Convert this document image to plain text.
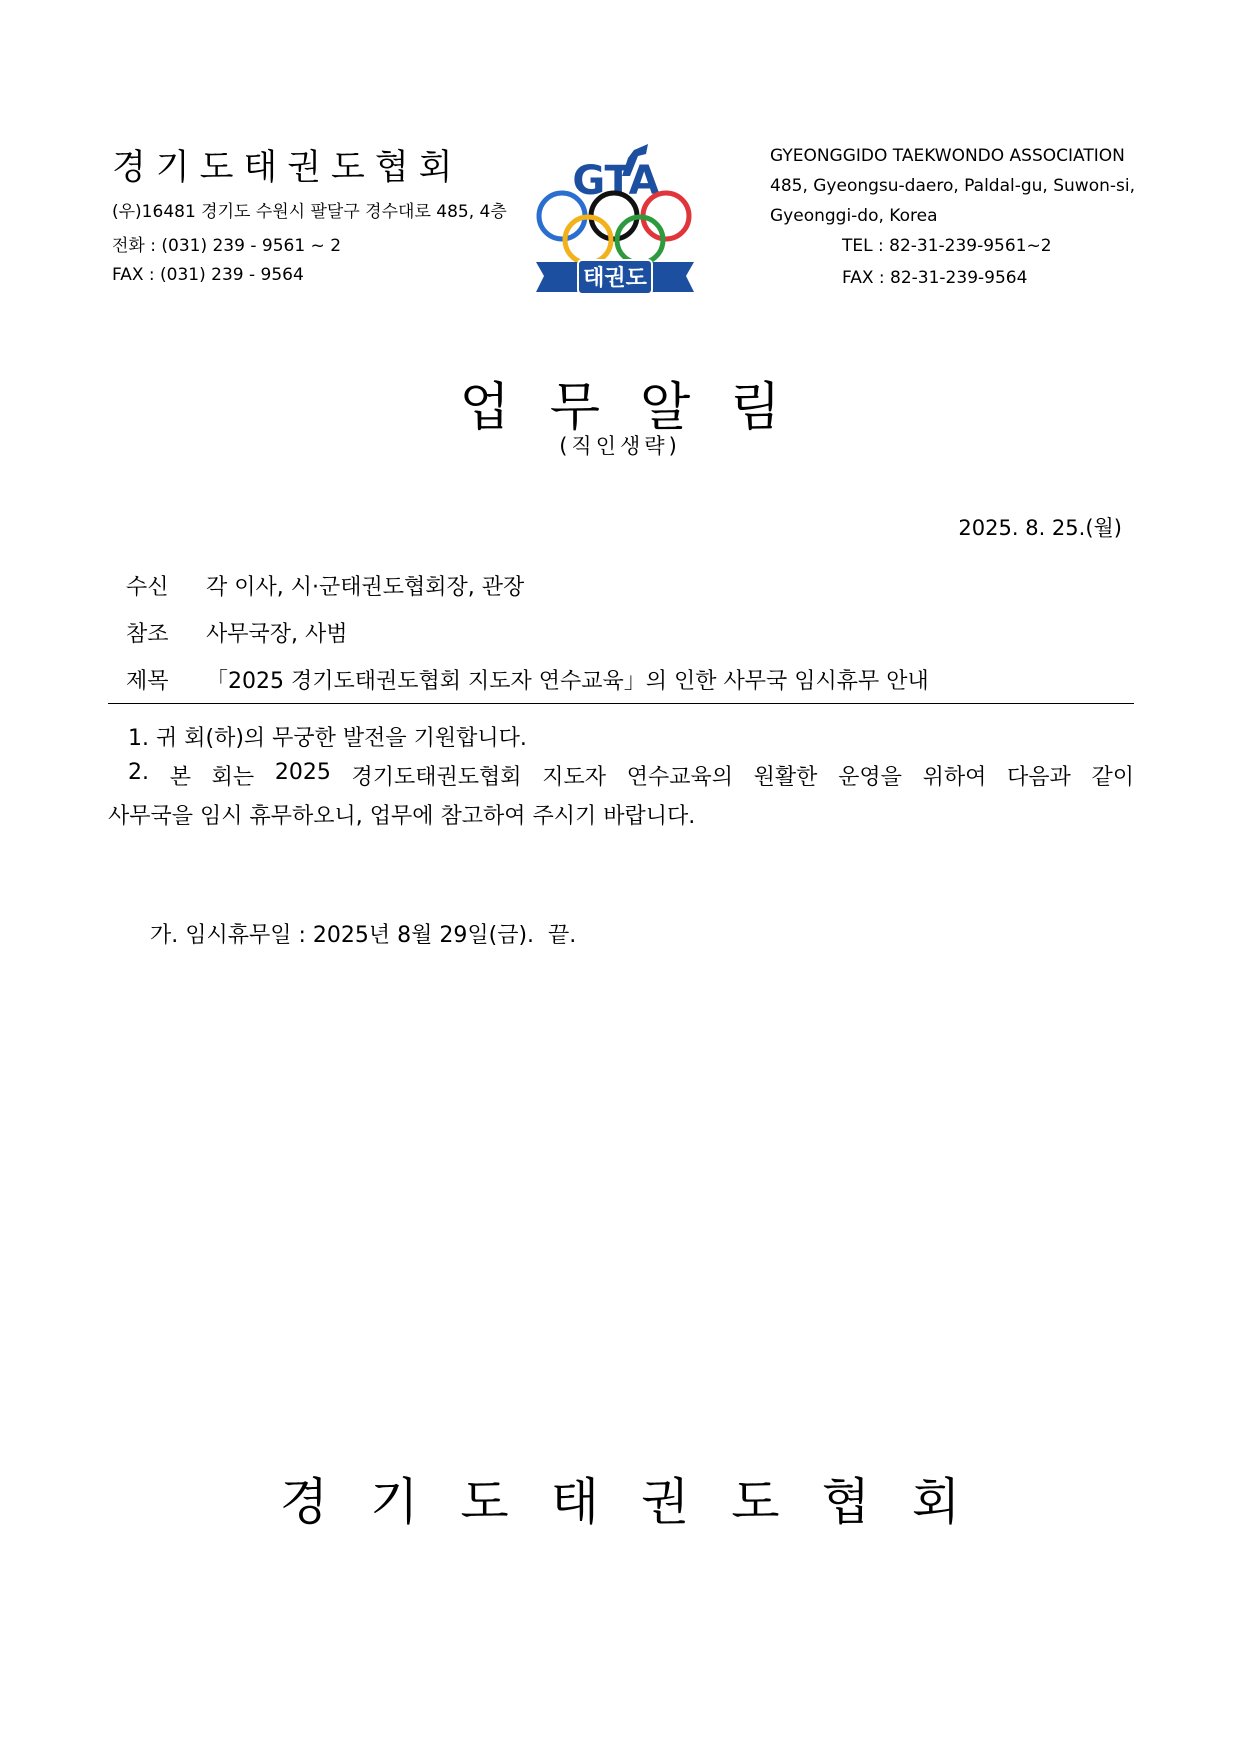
경기도태권도협회
(우)16481 경기도 수원시 팔달구 경수대로 485, 4층
전화 : (031) 239 - 9561 ~ 2
FAX : (031) 239 - 9564
GTA
태권도
GYEONGGIDO TAEKWONDO ASSOCIATION
485, Gyeongsu-daero, Paldal-gu, Suwon-si,
Gyeonggi-do, Korea
TEL : 82-31-239-9561~2
FAX : 82-31-239-9564
업무알림
(직인생략)
2025. 8. 25.(월)
수신 각 이사, 시·군태권도협회장, 관장
참조 사무국장, 사범
제목 「2025 경기도태권도협회 지도자 연수교육」의 인한 사무국 임시휴무 안내
1. 귀 회(하)의 무궁한 발전을 기원합니다.
2. 본 회는 2025 경기도태권도협회 지도자 연수교육의 원활한 운영을 위하여 다음과 같이
사무국을 임시 휴무하오니, 업무에 참고하여 주시기 바랍니다.
가. 임시휴무일 : 2025년 8월 29일(금).  끝.
경기도태권도협회
